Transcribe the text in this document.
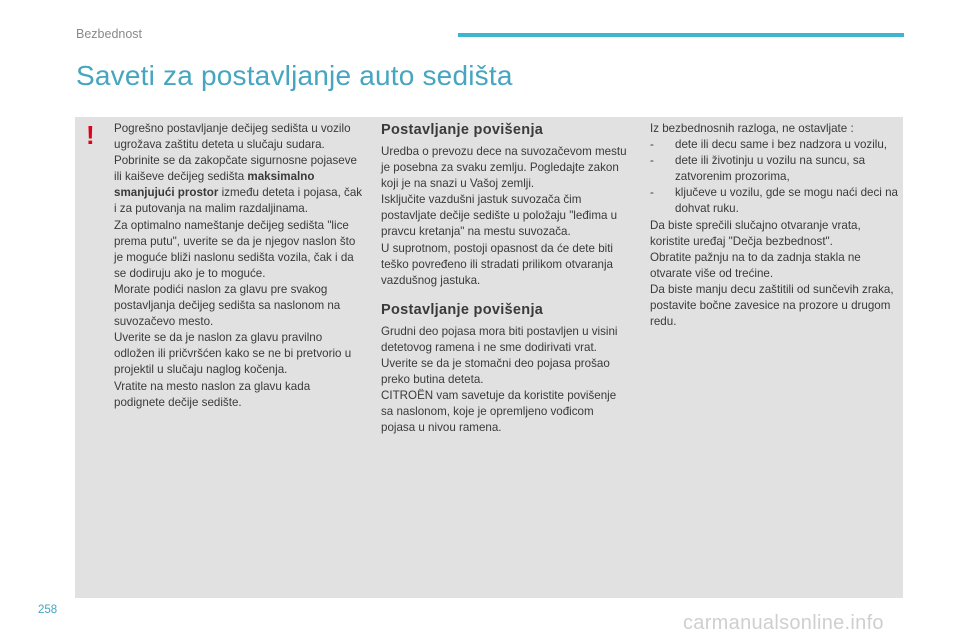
Bezbednost
Saveti za postavljanje auto sedišta
! Pogrešno postavljanje dečijeg sedišta u vozilo ugrožava zaštitu deteta u slučaju sudara.
Pobrinite se da zakopčate sigurnosne pojaseve ili kaiševe dečijeg sedišta maksimalno smanjujući prostor između deteta i pojasa, čak i za putovanja na malim razdaljinama.
Za optimalno nameštanje dečijeg sedišta "lice prema putu", uverite se da je njegov naslon što je moguće bliži naslonu sedišta vozila, čak i da se dodiruju ako je to moguće.
Morate podići naslon za glavu pre svakog postavljanja dečijeg sedišta sa naslonom na suvozačevo mesto.
Uverite se da je naslon za glavu pravilno odložen ili pričvršćen kako se ne bi pretvorio u projektil u slučaju naglog kočenja.
Vratite na mesto naslon za glavu kada podignete dečije sedište.

Postavljanje povišenja

Uredba o prevozu dece na suvozačevom mestu je posebna za svaku zemlju. Pogledajte zakon koji je na snazi u Vašoj zemlji.
Isključite vazdušni jastuk suvozača čim postavljate dečije sedište u položaju "leđima u pravcu kretanja" na mestu suvozača.
U suprotnom, postoji opasnost da će dete biti teško povređeno ili stradati prilikom otvaranja vazdušnog jastuka.

Postavljanje povišenja

Grudni deo pojasa mora biti postavljen u visini detetovog ramena i ne sme dodirivati vrat.
Uverite se da je stomačni deo pojasa prošao preko butina deteta.
CITROËN vam savetuje da koristite povišenje sa naslonom, koje je opremljeno vođicom pojasa u nivou ramena.

Iz bezbednosnih razloga, ne ostavljate :

- dete ili decu same i bez nadzora u vozilu,
- dete ili životinju u vozilu na suncu, sa zatvorenim prozorima,
- ključeve u vozilu, gde se mogu naći deci na dohvat ruku.

Da biste sprečili slučajno otvaranje vrata, koristite uređaj "Dečja bezbednost".
Obratite pažnju na to da zadnja stakla ne otvarate više od trećine.
Da biste manju decu zaštitili od sunčevih zraka, postavite bočne zavesice na prozore u drugom redu.

258
carmanualsonline.info
